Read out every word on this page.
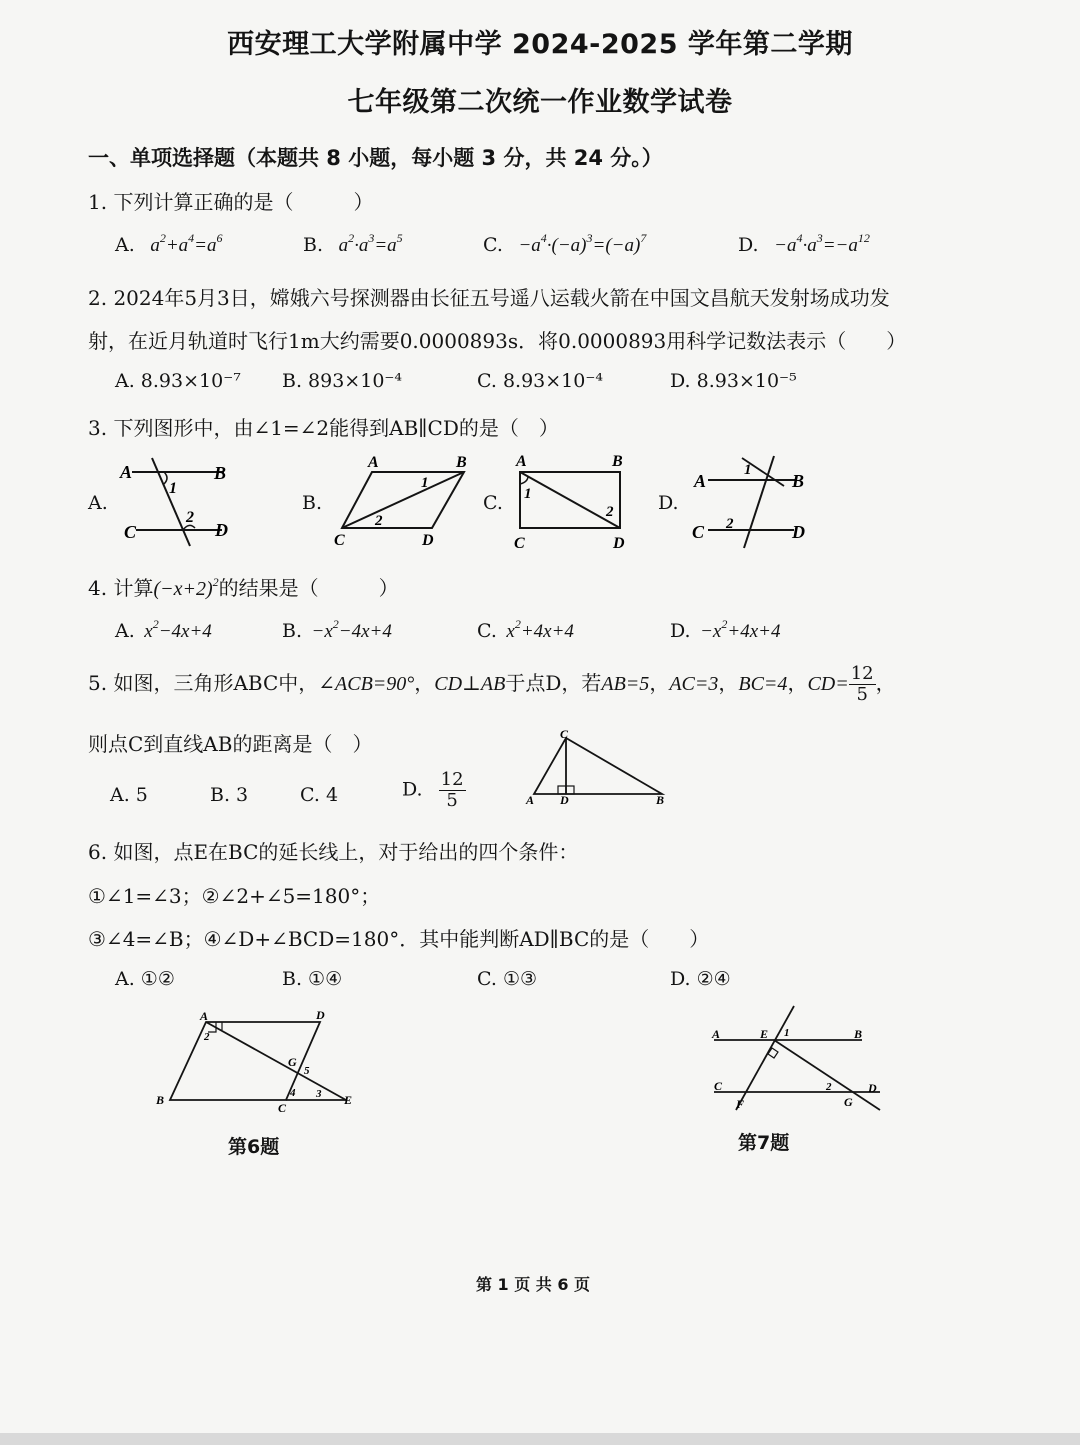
西安理工大学附属中学 2024-2025 学年第二学期
七年级第二次统一作业数学试卷
一、单项选择题（本题共 8 小题，每小题 3 分，共 24 分。）
1. 下列计算正确的是（　　　）
A.   $a^2+a^4=a^6$	B.   $a^2\cdot a^3=a^5$	C.   $-a^4\cdot(-a)^3=(-a)^7$	D.   $-a^4\cdot a^3=-a^{12}$
2. 2024年5月3日，嫦娥六号探测器由长征五号遥八运载火箭在中国文昌航天发射场成功发
射，在近月轨道时飞行1m大约需要0.0000893s．将0.0000893用科学记数法表示（　　）
A. 8.93×10⁻⁷ B. 893×10⁻⁴	C. 8.93×10⁻⁴	D. 8.93×10⁻⁵
3. 下列图形中，由∠1=∠2能得到AB∥CD的是（　）
A.
A	B
1
2
C	D
B.
A	B
1
2
C	D
C.
A	B
1
2
C	D
D.
A	B
1
2
C	D
4. 计算$(-x+2)^2$的结果是（　　　）
A.  $x^2-4x+4$	B.  $-x^2-4x+4$	C.  $x^2+4x+4$	D.  $-x^2+4x+4$
5. 如图，三角形ABC中，∠ACB=90°，CD⊥AB于点D，若AB=5，AC=3，BC=4，$CD= \frac{12}{5}$ ，
则点C到直线AB的距离是（　）
A. 5	B. 3	C. 4	D. $\frac{12}{5}$
C
A D	B
6. 如图，点E在BC的延长线上，对于给出的四个条件：
①∠1=∠3；②∠2+∠5=180°；
③∠4=∠B；④∠D+∠BCD=180°．其中能判断AD∥BC的是（　　）
A. ①②	B. ①④	C. ①③	D. ②④
A	D
2
G
5
4 3
B
C
E
第6题
A	E 1	B
C	2	D
F	G
第7题
第 1 页 共 6 页
